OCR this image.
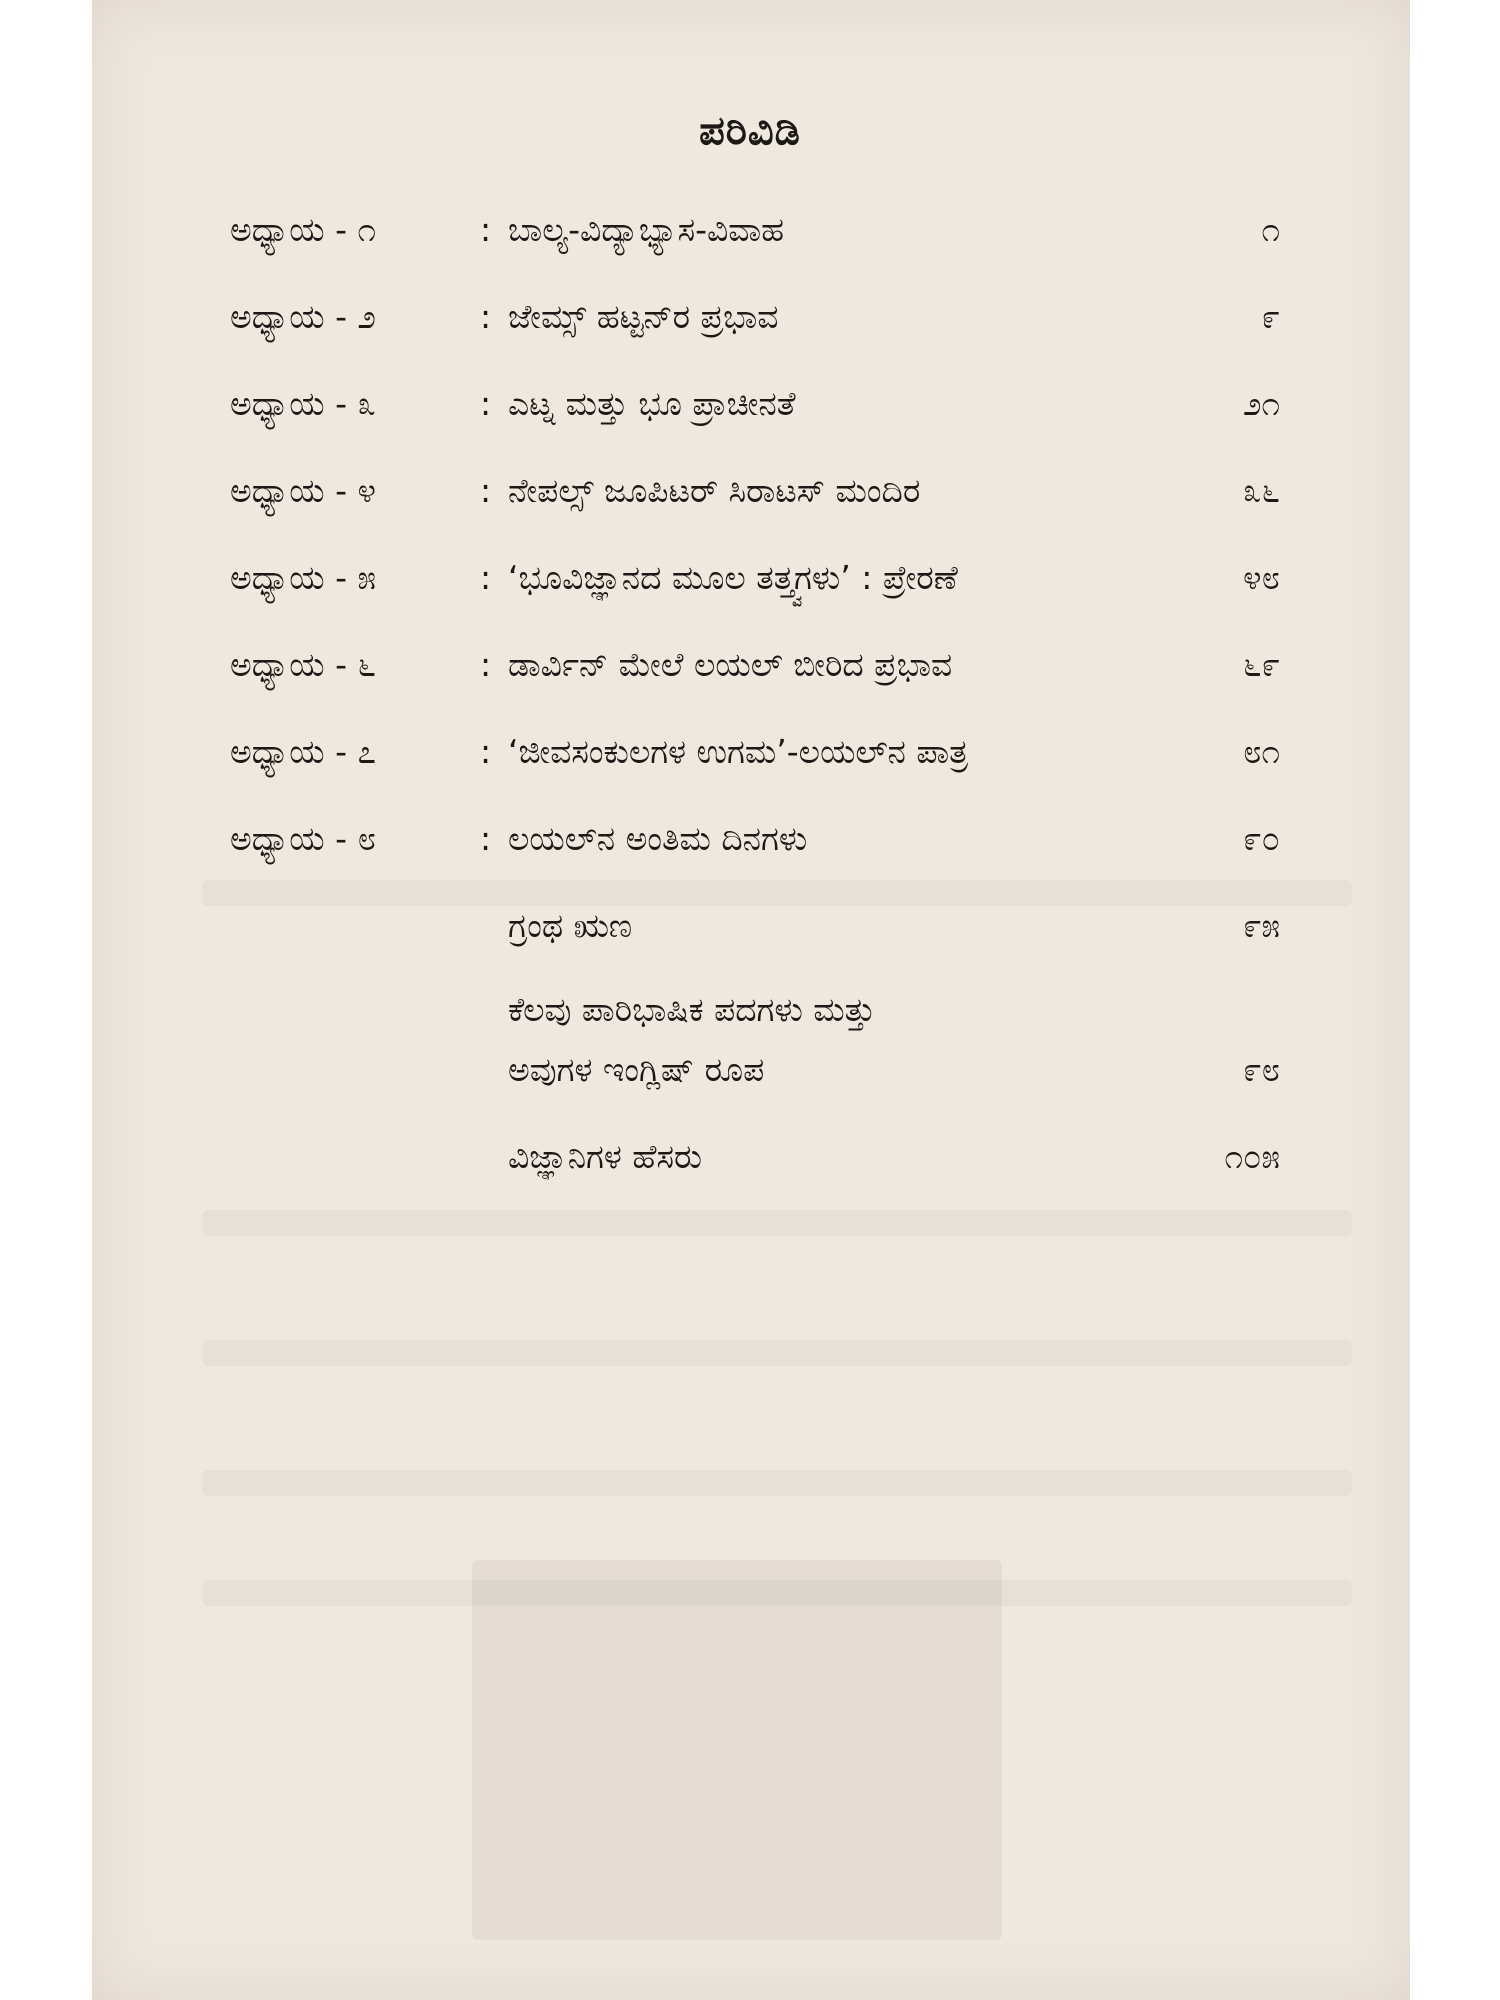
ಪರಿವಿಡಿ
ಅಧ್ಯಾಯ - ೧	: ಬಾಲ್ಯ-ವಿದ್ಯಾಭ್ಯಾಸ-ವಿವಾಹ	೧
ಅಧ್ಯಾಯ - ೨	: ಜೇಮ್ಸ್ ಹಟ್ಟನ್‌ರ ಪ್ರಭಾವ	೯
ಅಧ್ಯಾಯ - ೩	: ಎಟ್ನ ಮತ್ತು ಭೂ ಪ್ರಾಚೀನತೆ	೨೧
ಅಧ್ಯಾಯ - ೪	: ನೇಪಲ್ಸ್ ಜೂಪಿಟರ್ ಸಿರಾಟಸ್ ಮಂದಿರ	೩೬
ಅಧ್ಯಾಯ - ೫	: ‘ಭೂವಿಜ್ಞಾನದ ಮೂಲ ತತ್ತ್ವಗಳು’ : ಪ್ರೇರಣೆ	೪೮
ಅಧ್ಯಾಯ - ೬	: ಡಾರ್ವಿನ್ ಮೇಲೆ ಲಯಲ್ ಬೀರಿದ ಪ್ರಭಾವ	೬೯
ಅಧ್ಯಾಯ - ೭	: ‘ಜೀವಸಂಕುಲಗಳ ಉಗಮ’-ಲಯಲ್‌ನ ಪಾತ್ರ	೮೧
ಅಧ್ಯಾಯ - ೮	: ಲಯಲ್‌ನ ಅಂತಿಮ ದಿನಗಳು	೯೦
ಗ್ರಂಥ ಋಣ	೯೫
ಕೆಲವು ಪಾರಿಭಾಷಿಕ ಪದಗಳು ಮತ್ತು
ಅವುಗಳ ಇಂಗ್ಲಿಷ್ ರೂಪ	೯೮
ವಿಜ್ಞಾನಿಗಳ ಹೆಸರು	೧೦೫
